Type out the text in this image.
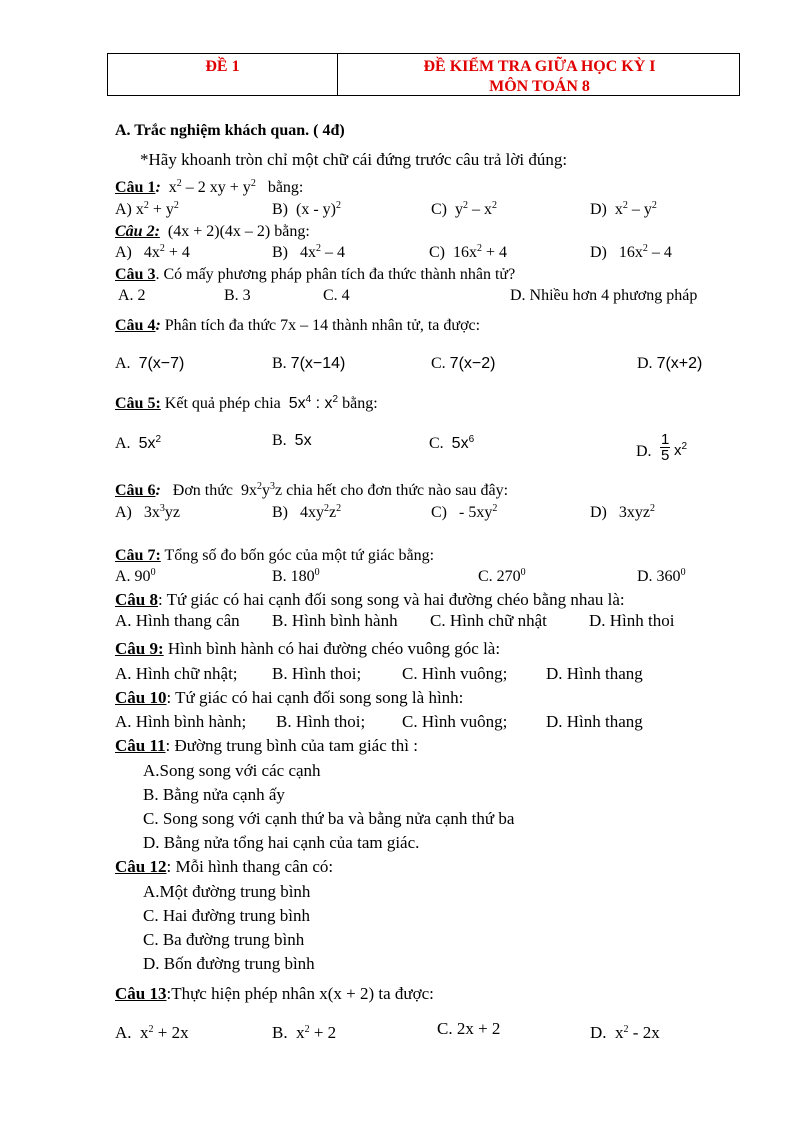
ĐỀ 1	ĐỀ KIỂM TRA GIỮA HỌC KỲ I
MÔN TOÁN 8
A. Trắc nghiệm khách quan. ( 4đ)
*Hãy khoanh tròn chỉ một chữ cái đứng trước câu trả lời đúng:
Câu 1:  $x^2 - 2$ xy + $y^2$   bằng:
A) $x^2 + y^2$	B)  (x - y)$^2$	C)  $y^2 - x^2$	D)  $x^2 - y^2$
Câu 2: (4x + 2)(4x – 2) bằng:
A)   $4x^2 + 4$	B)   $4x^2 - 4$	C)  $16x^2 + 4$	D)   $16x^2 - 4$
Câu 3. Có mấy phương pháp phân tích đa thức thành nhân tử?
A. 2	B. 3	C. 4	D. Nhiều hơn 4 phương pháp
Câu 4: Phân tích đa thức 7x – 14 thành nhân tử, ta được:
A. 7(x−7)	B. 7(x−14)	C. 7(x−2)	D. 7(x+2)
Câu 5: Kết quả phép chia $5x^4$ : $x^2$ bằng:
A. $5x^2$	B. 5x	C. $5x^6$
D. $\frac{1}{5} x^2$
Câu 6: Đơn thức  $9x^2y^3z$ chia hết cho đơn thức nào sau đây:
A)   $3x^3yz$	B)   $4xy^2z^2$	$C) - 5xy^2$	D)   3xyz$^2$
Câu 7: Tổng số đo bốn góc của một tứ giác bằng:
A. $90^0$	B. $180^0$	C. $270^0$	D. $360^0$
Câu 8: Tứ giác có hai cạnh đối song song và hai đường chéo bằng nhau là:
A. Hình thang cân B. Hình bình hành C. Hình chữ nhật D. Hình thoi
Câu 9: Hình bình hành có hai đường chéo vuông góc là:
A. Hình chữ nhật; B. Hình thoi; C. Hình vuông; D. Hình thang
Câu 10: Tứ giác có hai cạnh đối song song là hình:
A. Hình bình hành; B. Hình thoi; C. Hình vuông; D. Hình thang
Câu 11: Đường trung bình của tam giác thì :
A.Song song với các cạnh
B. Bằng nửa cạnh ấy
C. Song song với cạnh thứ ba và bằng nửa cạnh thứ ba
D. Bằng nửa tổng hai cạnh của tam giác.
Câu 12: Mỗi hình thang cân có:
A.Một đường trung bình
C. Hai đường trung bình
C. Ba đường trung bình
D. Bốn đường trung bình
Câu 13:Thực hiện phép nhân x(x + 2) ta được:
A.  $x^2 + 2x$	B.  $x^2 + 2$	C. 2x + 2	D.  $x^2 - 2x$
